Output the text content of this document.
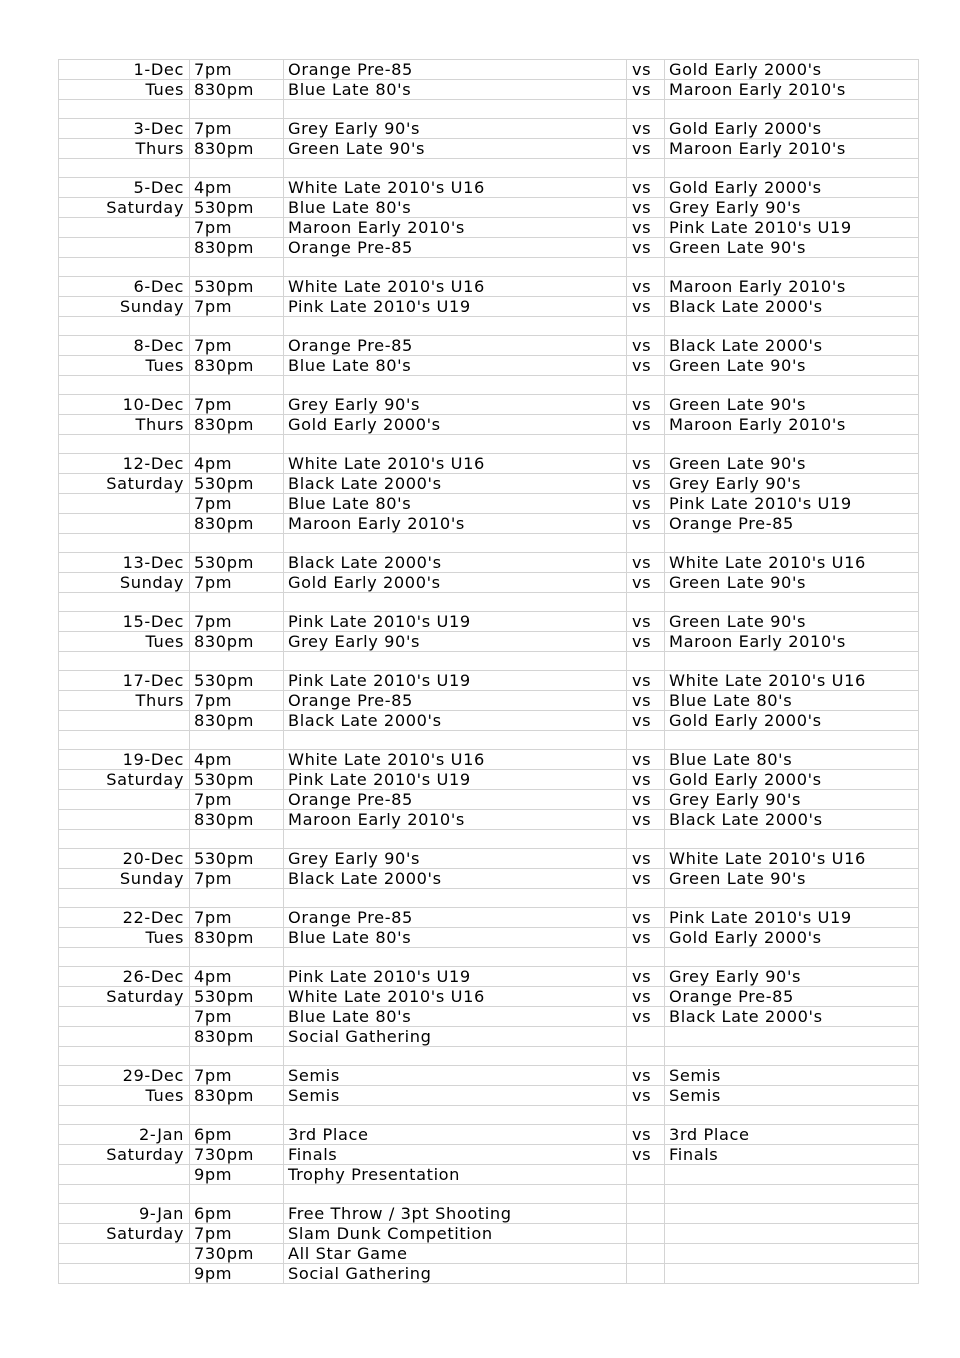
1-Dec	7pm	Orange Pre-85	vs	Gold Early 2000's
Tues	830pm	Blue Late 80's	vs	Maroon Early 2010's

3-Dec	7pm	Grey Early 90's	vs	Gold Early 2000's
Thurs	830pm	Green Late 90's	vs	Maroon Early 2010's

5-Dec	4pm	White Late 2010's U16	vs	Gold Early 2000's
Saturday	530pm	Blue Late 80's	vs	Grey Early 90's
	7pm	Maroon Early 2010's	vs	Pink Late 2010's U19
	830pm	Orange Pre-85	vs	Green Late 90's

6-Dec	530pm	White Late 2010's U16	vs	Maroon Early 2010's
Sunday	7pm	Pink Late 2010's U19	vs	Black Late 2000's

8-Dec	7pm	Orange Pre-85	vs	Black Late 2000's
Tues	830pm	Blue Late 80's	vs	Green Late 90's

10-Dec	7pm	Grey Early 90's	vs	Green Late 90's
Thurs	830pm	Gold Early 2000's	vs	Maroon Early 2010's

12-Dec	4pm	White Late 2010's U16	vs	Green Late 90's
Saturday	530pm	Black Late 2000's	vs	Grey Early 90's
	7pm	Blue Late 80's	vs	Pink Late 2010's U19
	830pm	Maroon Early 2010's	vs	Orange Pre-85

13-Dec	530pm	Black Late 2000's	vs	White Late 2010's U16
Sunday	7pm	Gold Early 2000's	vs	Green Late 90's

15-Dec	7pm	Pink Late 2010's U19	vs	Green Late 90's
Tues	830pm	Grey Early 90's	vs	Maroon Early 2010's

17-Dec	530pm	Pink Late 2010's U19	vs	White Late 2010's U16
Thurs	7pm	Orange Pre-85	vs	Blue Late 80's
	830pm	Black Late 2000's	vs	Gold Early 2000's

19-Dec	4pm	White Late 2010's U16	vs	Blue Late 80's
Saturday	530pm	Pink Late 2010's U19	vs	Gold Early 2000's
	7pm	Orange Pre-85	vs	Grey Early 90's
	830pm	Maroon Early 2010's	vs	Black Late 2000's

20-Dec	530pm	Grey Early 90's	vs	White Late 2010's U16
Sunday	7pm	Black Late 2000's	vs	Green Late 90's

22-Dec	7pm	Orange Pre-85	vs	Pink Late 2010's U19
Tues	830pm	Blue Late 80's	vs	Gold Early 2000's

26-Dec	4pm	Pink Late 2010's U19	vs	Grey Early 90's
Saturday	530pm	White Late 2010's U16	vs	Orange Pre-85
	7pm	Blue Late 80's	vs	Black Late 2000's
	830pm	Social Gathering		

29-Dec	7pm	Semis	vs	Semis
Tues	830pm	Semis	vs	Semis

2-Jan	6pm	3rd Place	vs	3rd Place
Saturday	730pm	Finals	vs	Finals
	9pm	Trophy Presentation		

9-Jan	6pm	Free Throw / 3pt Shooting		
Saturday	7pm	Slam Dunk Competition		
	730pm	All Star Game		
	9pm	Social Gathering		
